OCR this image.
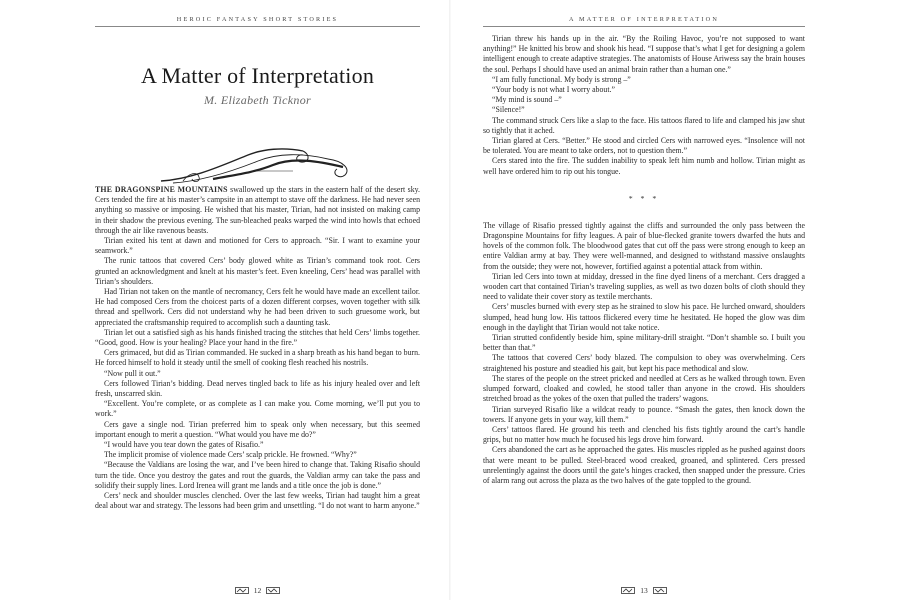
HEROIC FANTASY SHORT STORIES
A Matter of Interpretation
M. Elizabeth Ticknor

THE DRAGONSPINE MOUNTAINS swallowed up the stars in the eastern half of the desert sky. Cers tended the fire at his master’s campsite in an attempt to stave off the darkness. He had never seen anything so massive or imposing. He wished that his master, Tirian, had not insisted on making camp in their shadow the previous evening. The sun-bleached peaks warped the wind into howls that echoed through the air like ravenous beasts.

Tirian exited his tent at dawn and motioned for Cers to approach. “Sir. I want to examine your seamwork.”

The runic tattoos that covered Cers’ body glowed white as Tirian’s command took root. Cers grunted an acknowledgment and knelt at his master’s feet. Even kneeling, Cers’ head was parallel with Tirian’s shoulders.

Had Tirian not taken on the mantle of necromancy, Cers felt he would have made an excellent tailor. He had composed Cers from the choicest parts of a dozen different corpses, woven together with silk thread and spellwork. Cers did not understand why he had been driven to such gruesome work, but appreciated the craftsmanship required to accomplish such a daunting task.

Tirian let out a satisfied sigh as his hands finished tracing the stitches that held Cers’ limbs together. “Good, good. How is your healing? Place your hand in the fire.”

Cers grimaced, but did as Tirian commanded. He sucked in a sharp breath as his hand began to burn. He forced himself to hold it steady until the smell of cooking flesh reached his nostrils.

“Now pull it out.”

Cers followed Tirian’s bidding. Dead nerves tingled back to life as his injury healed over and left fresh, unscarred skin.

“Excellent. You’re complete, or as complete as I can make you. Come morning, we’ll put you to work.”

Cers gave a single nod. Tirian preferred him to speak only when necessary, but this seemed important enough to merit a question. “What would you have me do?”

“I would have you tear down the gates of Risafio.”

The implicit promise of violence made Cers’ scalp prickle. He frowned. “Why?”

“Because the Valdians are losing the war, and I’ve been hired to change that. Taking Risafio should turn the tide. Once you destroy the gates and rout the guards, the Valdian army can take the pass and solidify their supply lines. Lord Irenea will grant me lands and a title once the job is done.”

Cers’ neck and shoulder muscles clenched. Over the last few weeks, Tirian had taught him a great deal about war and strategy. The lessons had been grim and unsettling. “I do not want to harm anyone.”

12
A MATTER OF INTERPRETATION

Tirian threw his hands up in the air. “By the Roiling Havoc, you’re not supposed to want anything!” He knitted his brow and shook his head. “I suppose that’s what I get for designing a golem intelligent enough to create adaptive strategies. The anatomists of House Ariwess say the brain houses the soul. Perhaps I should have used an animal brain rather than a human one.”

“I am fully functional. My body is strong –”

“Your body is not what I worry about.”

“My mind is sound –”

“Silence!”

The command struck Cers like a slap to the face. His tattoos flared to life and clamped his jaw shut so tightly that it ached.

Tirian glared at Cers. “Better.” He stood and circled Cers with narrowed eyes. “Insolence will not be tolerated. You are meant to take orders, not to question them.”

Cers stared into the fire. The sudden inability to speak left him numb and hollow. Tirian might as well have ordered him to rip out his tongue.

* * *

The village of Risafio pressed tightly against the cliffs and surrounded the only pass between the Dragonspine Mountains for fifty leagues. A pair of blue-flecked granite towers dwarfed the huts and hovels of the common folk. The bloodwood gates that cut off the pass were strong enough to keep an entire Valdian army at bay. They were well-manned, and designed to withstand massive onslaughts from the outside; they were not, however, fortified against a potential attack from within.

Tirian led Cers into town at midday, dressed in the fine dyed linens of a merchant. Cers dragged a wooden cart that contained Tirian’s traveling supplies, as well as two dozen bolts of cloth should they need to validate their cover story as textile merchants.

Cers’ muscles burned with every step as he strained to slow his pace. He lurched onward, shoulders slumped, head hung low. His tattoos flickered every time he hesitated. He hoped the glow was dim enough in the daylight that Tirian would not take notice.

Tirian strutted confidently beside him, spine military-drill straight. “Don’t shamble so. I built you better than that.”

The tattoos that covered Cers’ body blazed. The compulsion to obey was overwhelming. Cers straightened his posture and steadied his gait, but kept his pace methodical and slow.

The stares of the people on the street pricked and needled at Cers as he walked through town. Even slumped forward, cloaked and cowled, he stood taller than anyone in the crowd. His shoulders stretched broad as the yokes of the oxen that pulled the traders’ wagons.

Tirian surveyed Risafio like a wildcat ready to pounce. “Smash the gates, then knock down the towers. If anyone gets in your way, kill them.”

Cers’ tattoos flared. He ground his teeth and clenched his fists tightly around the cart’s handle grips, but no matter how much he focused his legs drove him forward.

Cers abandoned the cart as he approached the gates. His muscles rippled as he pushed against doors that were meant to be pulled. Steel-braced wood creaked, groaned, and splintered. Cers pressed unrelentingly against the doors until the gate’s hinges cracked, then snapped under the pressure. Cries of alarm rang out across the plaza as the two halves of the gate toppled to the ground.

13
